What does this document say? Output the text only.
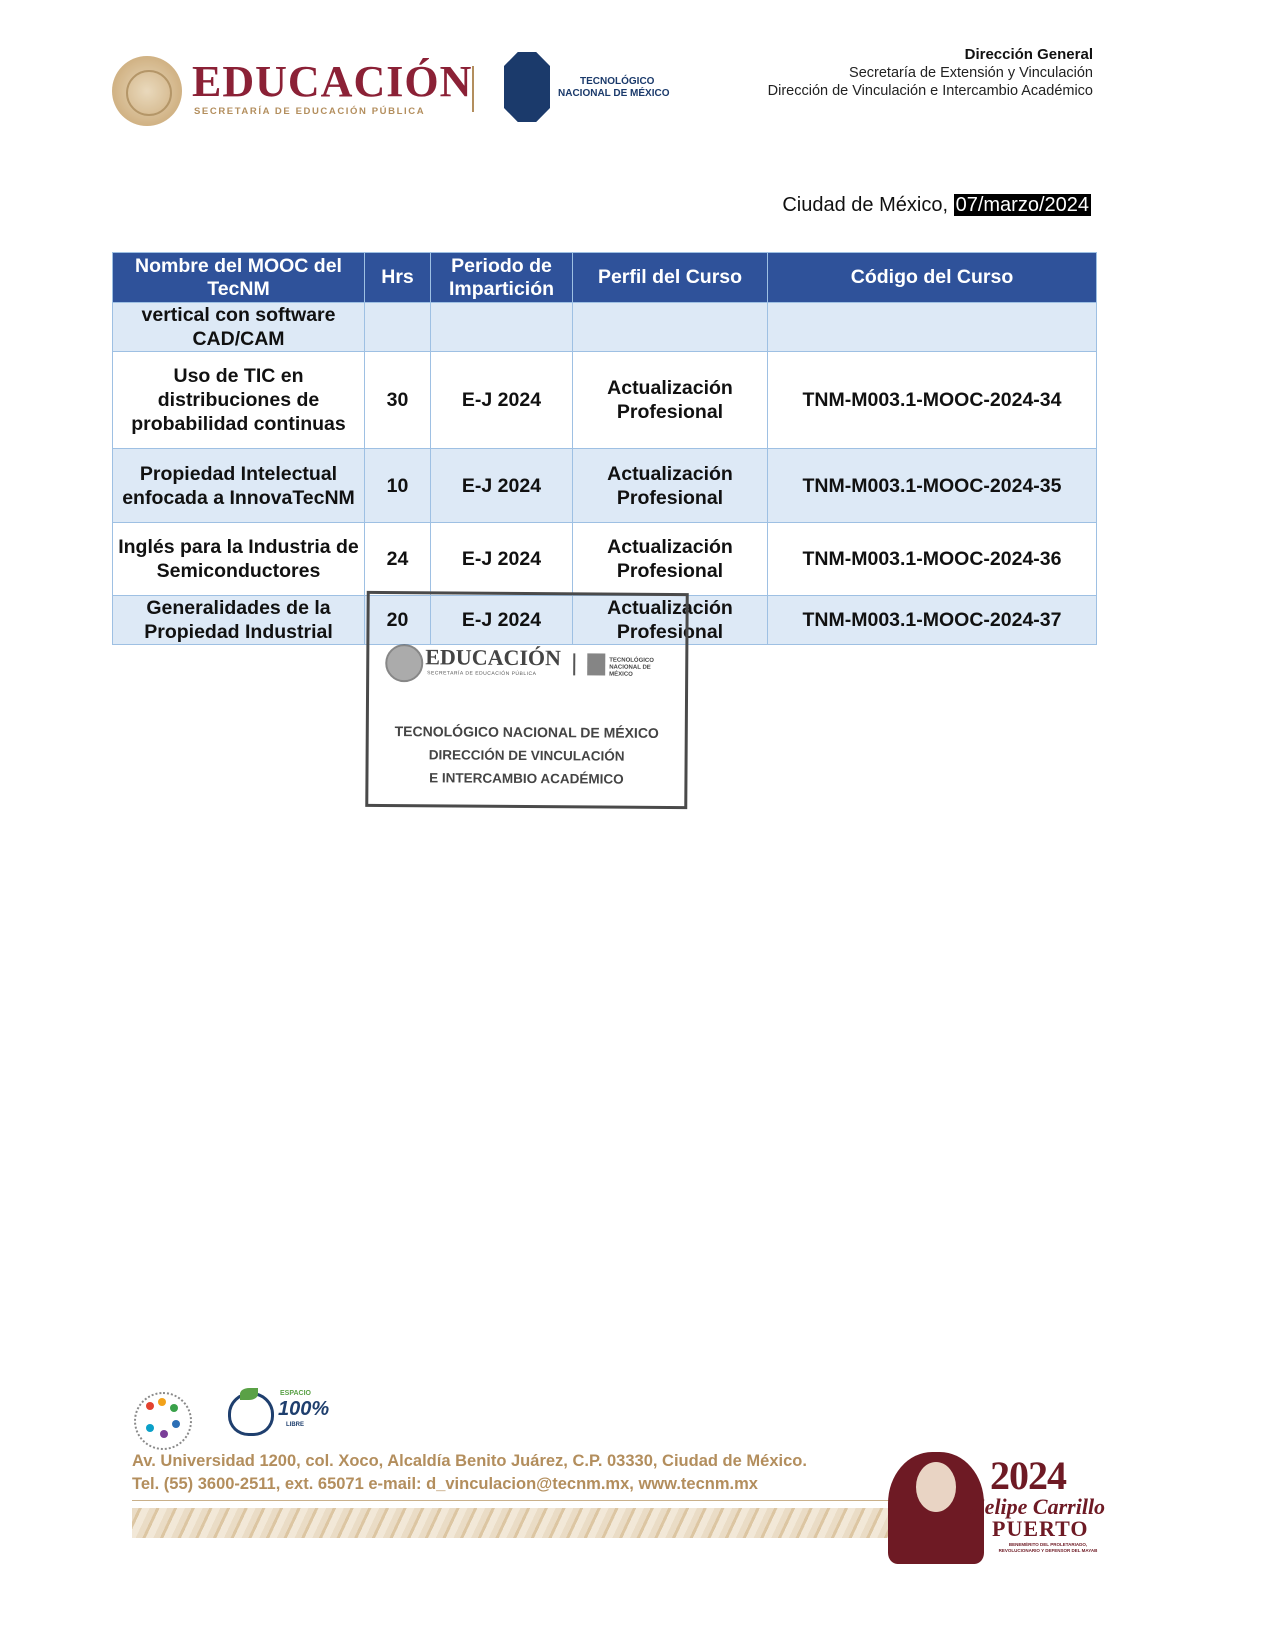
EDUCACIÓN
SECRETARÍA DE EDUCACIÓN PÚBLICA
TECNOLÓGICO
NACIONAL DE MÉXICO
Dirección General
Secretaría de Extensión y Vinculación
Dirección de Vinculación e Intercambio Académico
Ciudad de México, 07/marzo/2024
Nombre del MOOC del TecNM	Hrs	Periodo de Impartición	Perfil del Curso	Código del Curso
vertical con software CAD/CAM				
Uso de TIC en distribuciones de probabilidad continuas	30	E-J 2024	Actualización Profesional	TNM-M003.1-MOOC-2024-34
Propiedad Intelectual enfocada a InnovaTecNM	10	E-J 2024	Actualización Profesional	TNM-M003.1-MOOC-2024-35
Inglés para la Industria de Semiconductores	24	E-J 2024	Actualización Profesional	TNM-M003.1-MOOC-2024-36
Generalidades de la Propiedad Industrial	20	E-J 2024	Actualización Profesional	TNM-M003.1-MOOC-2024-37
EDUCACIÓN
SECRETARÍA DE EDUCACIÓN PÚBLICA
TECNOLÓGICO NACIONAL DE MÉXICO
TECNOLÓGICO NACIONAL DE MÉXICO
DIRECCIÓN DE VINCULACIÓN
E INTERCAMBIO ACADÉMICO
ESPACIO
100%
LIBRE
Av. Universidad 1200, col. Xoco, Alcaldía Benito Juárez, C.P. 03330, Ciudad de México.
Tel. (55) 3600-2511, ext. 65071 e-mail: d_vinculacion@tecnm.mx, www.tecnm.mx	2024
Felipe Carrillo
PUERTO
BENEMÉRITO DEL PROLETARIADO, REVOLUCIONARIO Y DEFENSOR DEL MAYAB
